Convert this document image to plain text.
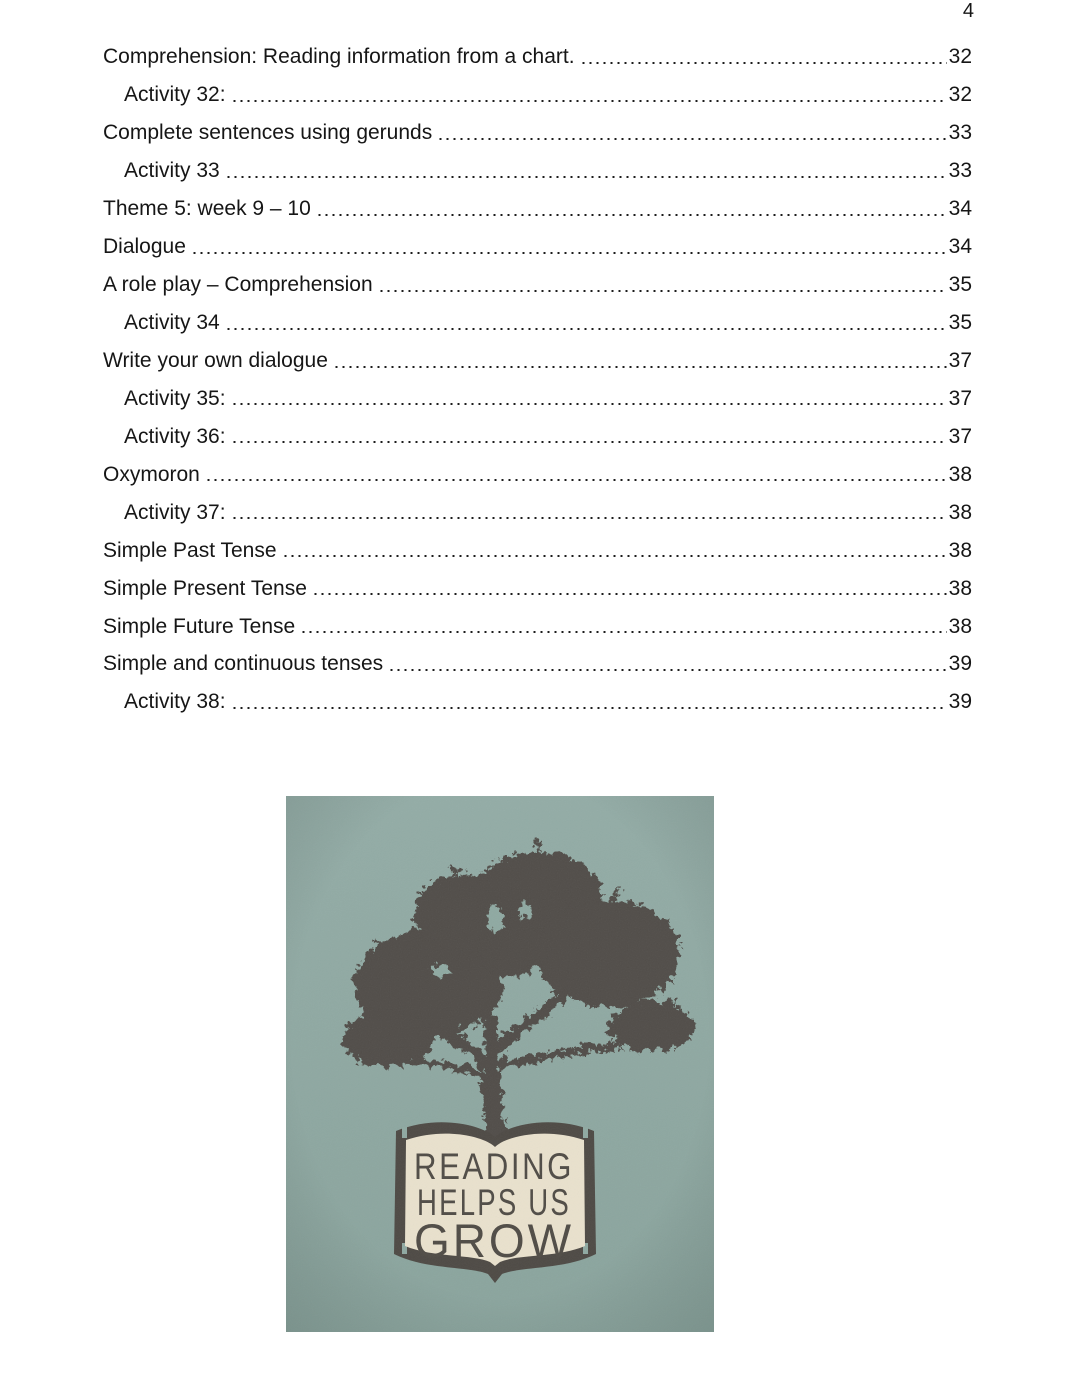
4
Comprehension: Reading information from a chart.	32
Activity 32:	32
Complete sentences using gerunds	33
Activity 33	33
Theme 5: week 9 – 10	34
Dialogue	34
A role play – Comprehension	35
Activity 34	35
Write your own dialogue	37
Activity 35:	37
Activity 36:	37
Oxymoron	38
Activity 37:	38
Simple Past Tense	38
Simple Present Tense	38
Simple Future Tense	38
Simple and continuous tenses	39
Activity 38:	39
